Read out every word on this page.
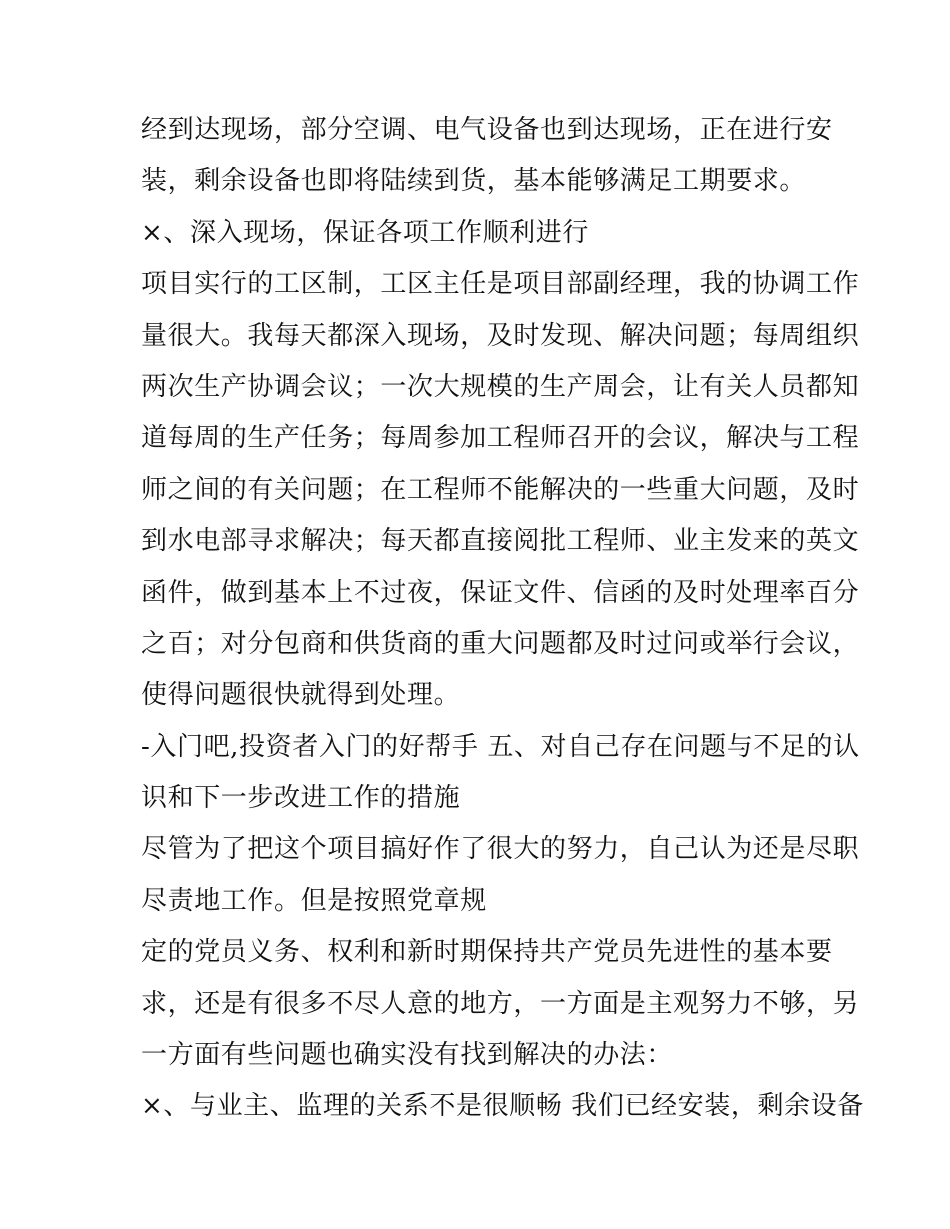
经到达现场，部分空调、电气设备也到达现场，正在进行安
装，剩余设备也即将陆续到货，基本能够满足工期要求。
×、深入现场，保证各项工作顺利进行
项目实行的工区制，工区主任是项目部副经理，我的协调工作
量很大。我每天都深入现场，及时发现、解决问题；每周组织
两次生产协调会议；一次大规模的生产周会，让有关人员都知
道每周的生产任务；每周参加工程师召开的会议，解决与工程
师之间的有关问题；在工程师不能解决的一些重大问题，及时
到水电部寻求解决；每天都直接阅批工程师、业主发来的英文
函件，做到基本上不过夜，保证文件、信函的及时处理率百分
之百；对分包商和供货商的重大问题都及时过问或举行会议，
使得问题很快就得到处理。
-入门吧,投资者入门的好帮手 五、对自己存在问题与不足的认
识和下一步改进工作的措施
尽管为了把这个项目搞好作了很大的努力，自己认为还是尽职
尽责地工作。但是按照党章规
定的党员义务、权利和新时期保持共产党员先进性的基本要
求，还是有很多不尽人意的地方，一方面是主观努力不够，另
一方面有些问题也确实没有找到解决的办法：
×、与业主、监理的关系不是很顺畅 我们已经安装，剩余设备
